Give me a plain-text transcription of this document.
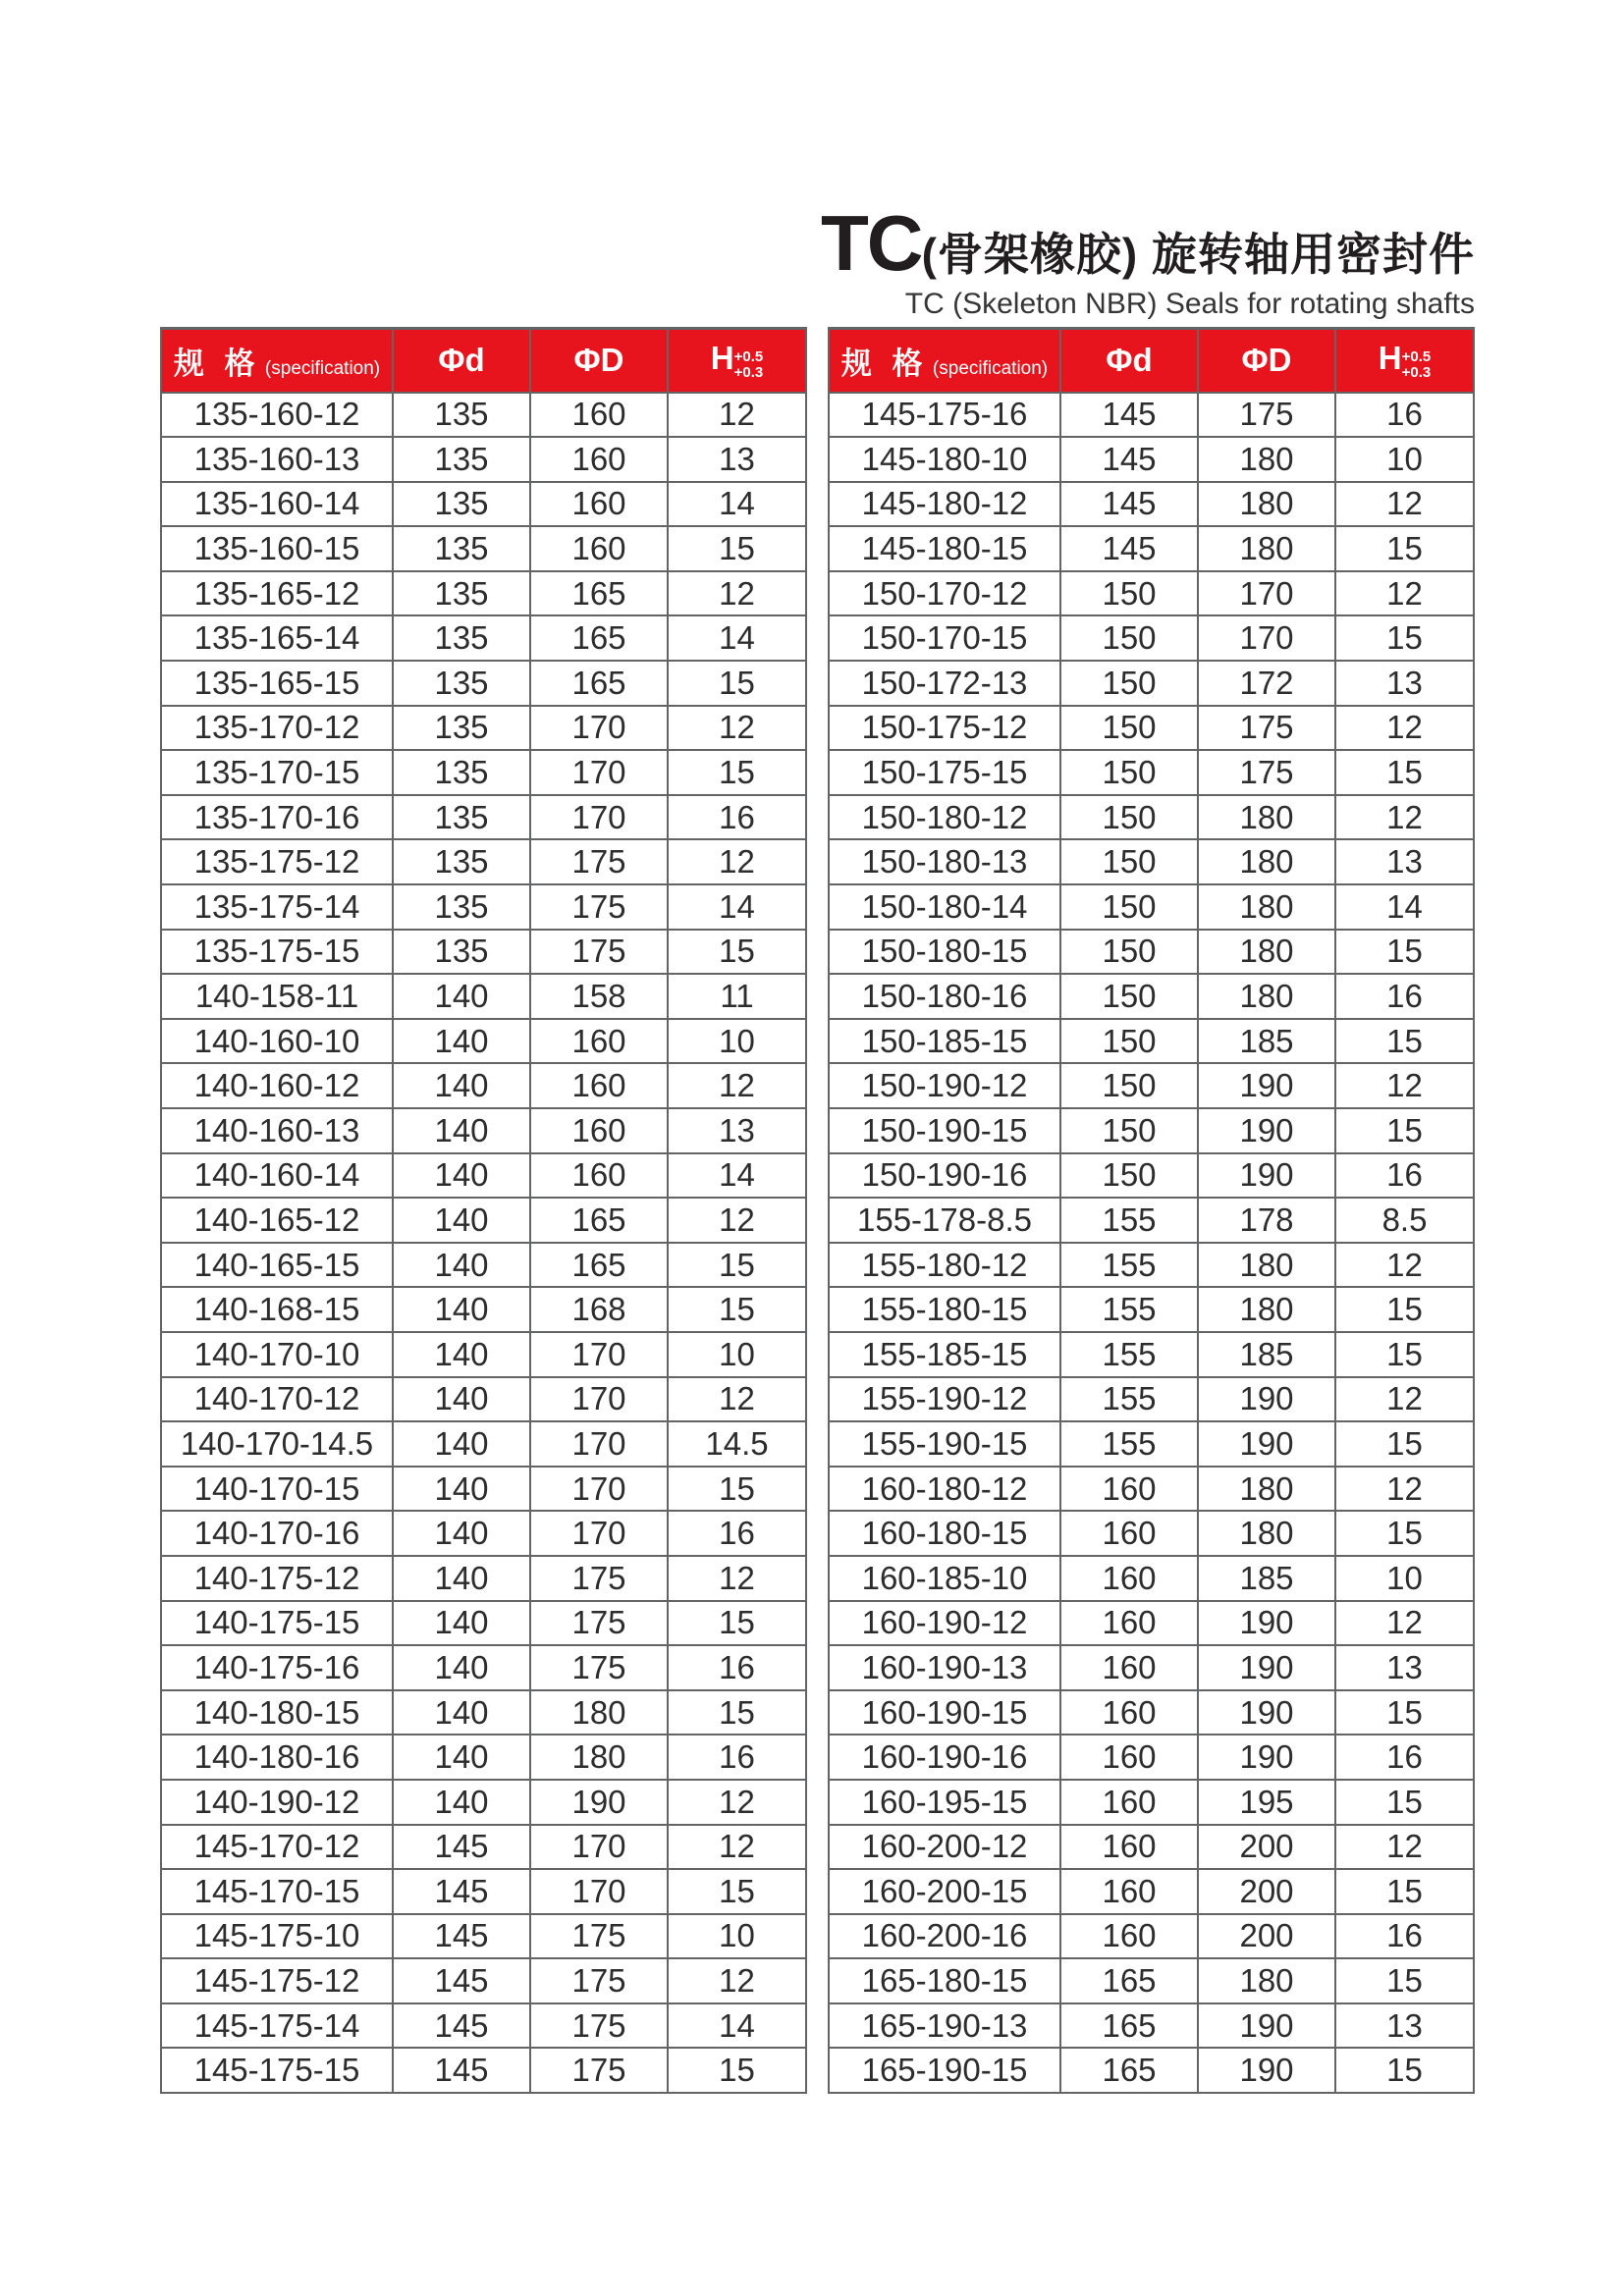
TC(骨架橡胶) 旋转轴用密封件
TC (Skeleton NBR) Seals for rotating shafts
规 格 (specification)	Φd	ΦD	H +0.5
+0.3

135-160-12	135	160	12
135-160-13	135	160	13
135-160-14	135	160	14
135-160-15	135	160	15
135-165-12	135	165	12
135-165-14	135	165	14
135-165-15	135	165	15
135-170-12	135	170	12
135-170-15	135	170	15
135-170-16	135	170	16
135-175-12	135	175	12
135-175-14	135	175	14
135-175-15	135	175	15
140-158-11	140	158	11
140-160-10	140	160	10
140-160-12	140	160	12
140-160-13	140	160	13
140-160-14	140	160	14
140-165-12	140	165	12
140-165-15	140	165	15
140-168-15	140	168	15
140-170-10	140	170	10
140-170-12	140	170	12
140-170-14.5	140	170	14.5
140-170-15	140	170	15
140-170-16	140	170	16
140-175-12	140	175	12
140-175-15	140	175	15
140-175-16	140	175	16
140-180-15	140	180	15
140-180-16	140	180	16
140-190-12	140	190	12
145-170-12	145	170	12
145-170-15	145	170	15
145-175-10	145	175	10
145-175-12	145	175	12
145-175-14	145	175	14
145-175-15	145	175	15
规 格 (specification)	Φd	ΦD	H +0.5
+0.3

145-175-16	145	175	16
145-180-10	145	180	10
145-180-12	145	180	12
145-180-15	145	180	15
150-170-12	150	170	12
150-170-15	150	170	15
150-172-13	150	172	13
150-175-12	150	175	12
150-175-15	150	175	15
150-180-12	150	180	12
150-180-13	150	180	13
150-180-14	150	180	14
150-180-15	150	180	15
150-180-16	150	180	16
150-185-15	150	185	15
150-190-12	150	190	12
150-190-15	150	190	15
150-190-16	150	190	16
155-178-8.5	155	178	8.5
155-180-12	155	180	12
155-180-15	155	180	15
155-185-15	155	185	15
155-190-12	155	190	12
155-190-15	155	190	15
160-180-12	160	180	12
160-180-15	160	180	15
160-185-10	160	185	10
160-190-12	160	190	12
160-190-13	160	190	13
160-190-15	160	190	15
160-190-16	160	190	16
160-195-15	160	195	15
160-200-12	160	200	12
160-200-15	160	200	15
160-200-16	160	200	16
165-180-15	165	180	15
165-190-13	165	190	13
165-190-15	165	190	15
